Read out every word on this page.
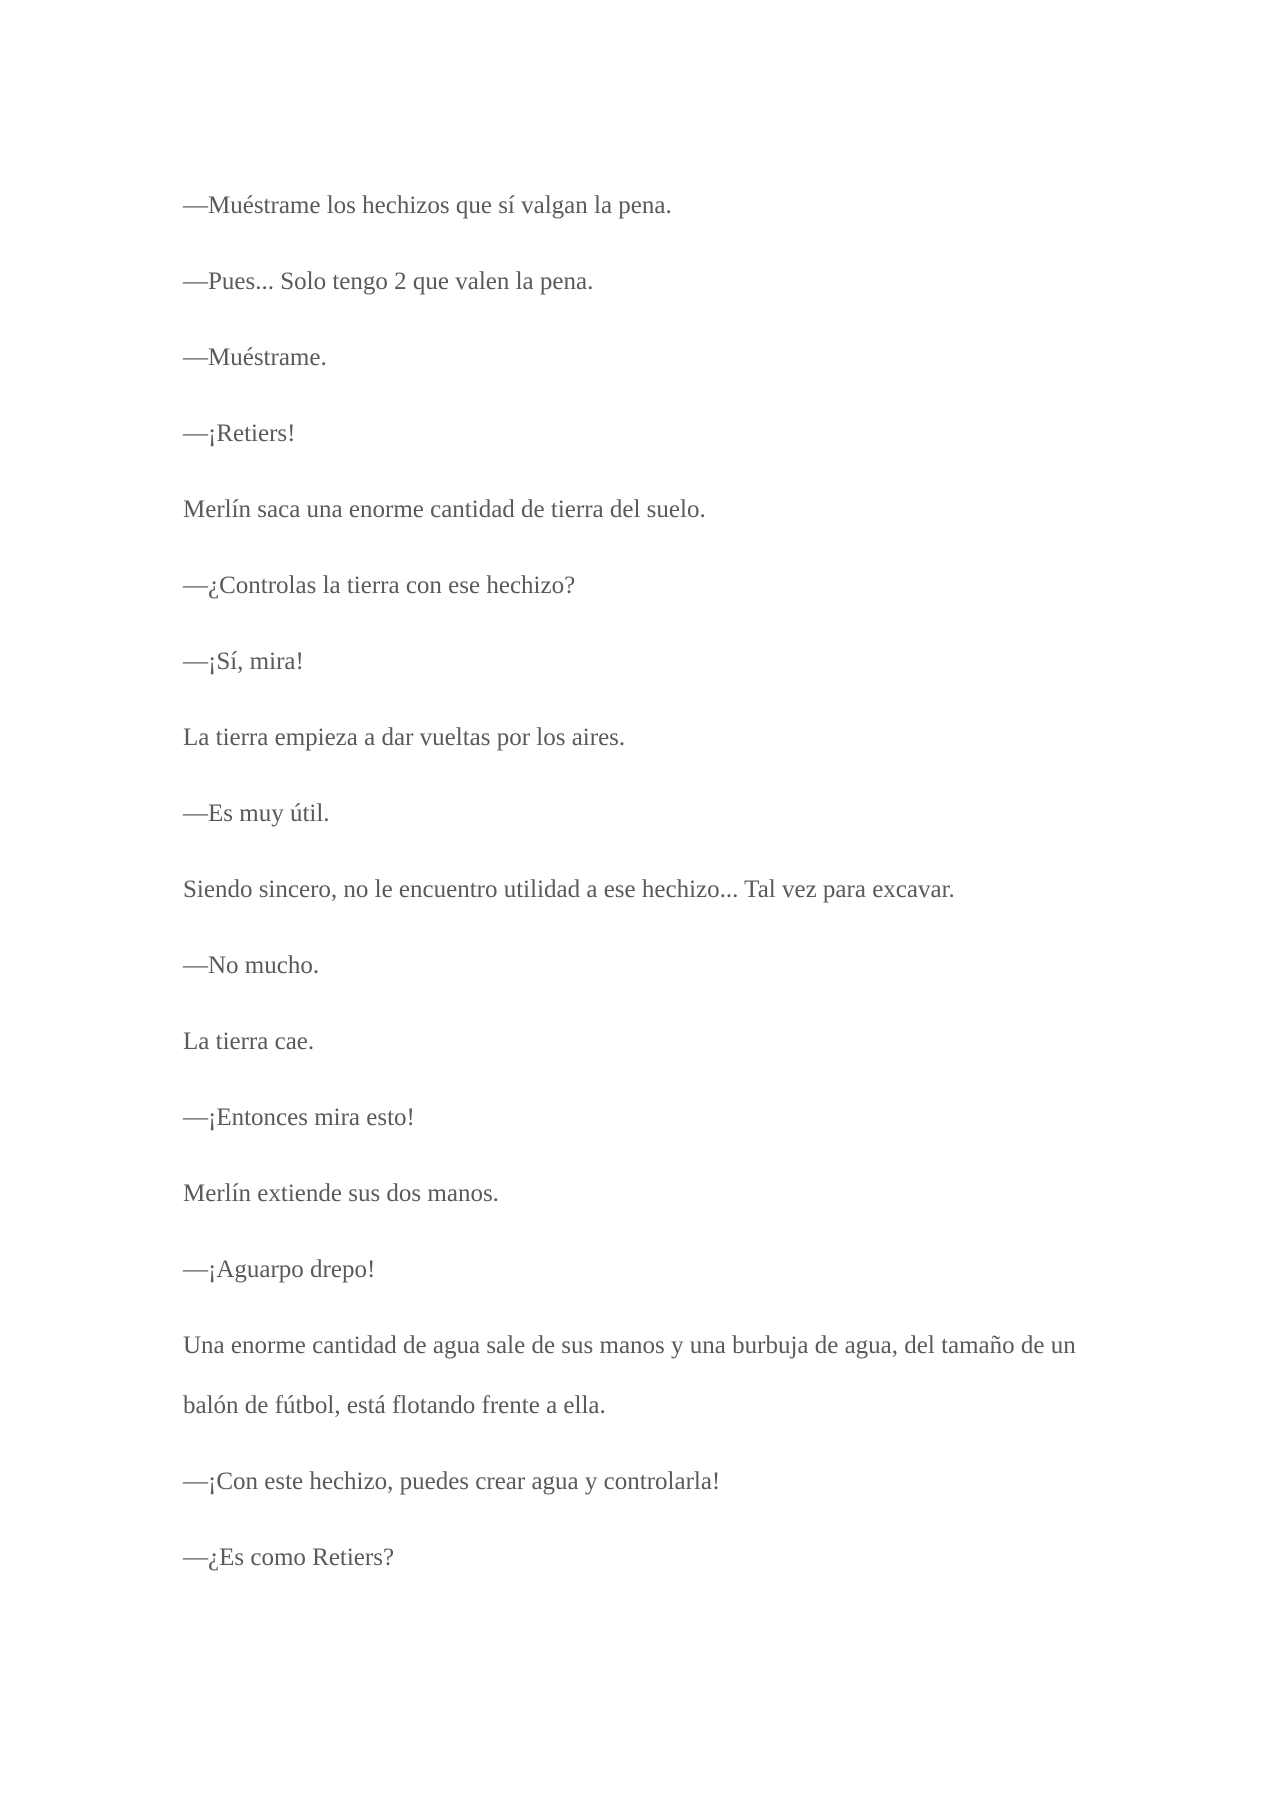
—Muéstrame los hechizos que sí valgan la pena.

—Pues... Solo tengo 2 que valen la pena.

—Muéstrame.

—¡Retiers!

Merlín saca una enorme cantidad de tierra del suelo.

—¿Controlas la tierra con ese hechizo?

—¡Sí, mira!

La tierra empieza a dar vueltas por los aires.

—Es muy útil.

Siendo sincero, no le encuentro utilidad a ese hechizo... Tal vez para excavar.

—No mucho.

La tierra cae.

—¡Entonces mira esto!

Merlín extiende sus dos manos.

—¡Aguarpo drepo!

Una enorme cantidad de agua sale de sus manos y una burbuja de agua, del tamaño de un balón de fútbol, está flotando frente a ella.

—¡Con este hechizo, puedes crear agua y controlarla!

—¿Es como Retiers?
